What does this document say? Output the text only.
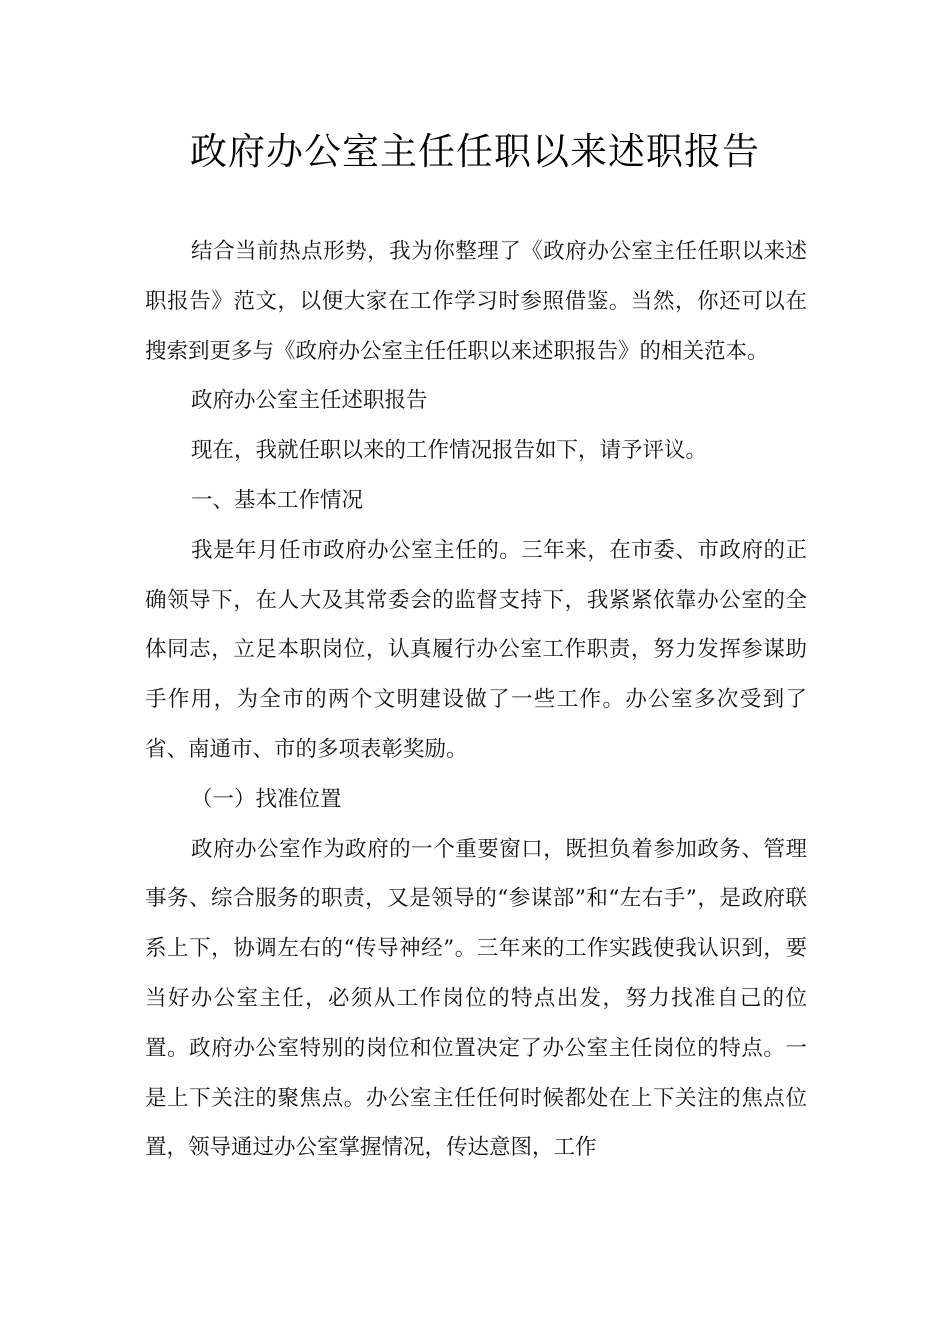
政府办公室主任任职以来述职报告

结合当前热点形势，我为你整理了《政府办公室主任任职以来述职报告》范文，以便大家在工作学习时参照借鉴。当然，你还可以在搜索到更多与《政府办公室主任任职以来述职报告》的相关范本。

政府办公室主任述职报告

现在，我就任职以来的工作情况报告如下，请予评议。

一、基本工作情况

我是年月任市政府办公室主任的。三年来，在市委、市政府的正确领导下，在人大及其常委会的监督支持下，我紧紧依靠办公室的全体同志，立足本职岗位，认真履行办公室工作职责，努力发挥参谋助手作用，为全市的两个文明建设做了一些工作。办公室多次受到了省、南通市、市的多项表彰奖励。

（一）找准位置

政府办公室作为政府的一个重要窗口，既担负着参加政务、管理事务、综合服务的职责，又是领导的“参谋部”和“左右手”，是政府联系上下，协调左右的“传导神经”。三年来的工作实践使我认识到，要当好办公室主任，必须从工作岗位的特点出发，努力找准自己的位置。政府办公室特别的岗位和位置决定了办公室主任岗位的特点。一是上下关注的聚焦点。办公室主任任何时候都处在上下关注的焦点位置，领导通过办公室掌握情况，传达意图，工作
